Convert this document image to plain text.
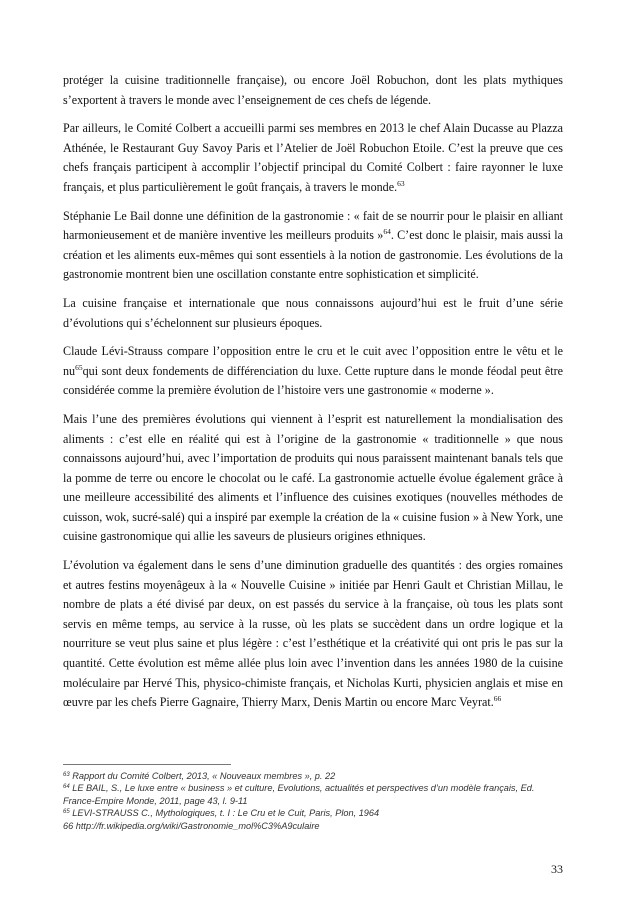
protéger la cuisine traditionnelle française), ou encore Joël Robuchon, dont les plats mythiques s’exportent à travers le monde avec l’enseignement de ces chefs de légende.

Par ailleurs, le Comité Colbert a accueilli parmi ses membres en 2013 le chef Alain Ducasse au Plazza Athénée, le Restaurant Guy Savoy Paris et l’Atelier de Joël Robuchon Etoile. C’est la preuve que ces chefs français participent à accomplir l’objectif principal du Comité Colbert : faire rayonner le luxe français, et plus particulièrement le goût français, à travers le monde.$^{63}$

Stéphanie Le Bail donne une définition de la gastronomie : « fait de se nourrir pour le plaisir en alliant harmonieusement et de manière inventive les meilleurs produits »$^{64}$. C’est donc le plaisir, mais aussi la création et les aliments eux-mêmes qui sont essentiels à la notion de gastronomie. Les évolutions de la gastronomie montrent bien une oscillation constante entre sophistication et simplicité.

La cuisine française et internationale que nous connaissons aujourd’hui est le fruit d’une série d’évolutions qui s’échelonnent sur plusieurs époques.

Claude Lévi-Strauss compare l’opposition entre le cru et le cuit avec l’opposition entre le vêtu et le nu$^{65}$qui sont deux fondements de différenciation du luxe. Cette rupture dans le monde féodal peut être considérée comme la première évolution de l’histoire vers une gastronomie « moderne ».

Mais l’une des premières évolutions qui viennent à l’esprit est naturellement la mondialisation des aliments : c’est elle en réalité qui est à l’origine de la gastronomie « traditionnelle » que nous connaissons aujourd’hui, avec l’importation de produits qui nous paraissent maintenant banals tels que la pomme de terre ou encore le chocolat ou le café. La gastronomie actuelle évolue également grâce à une meilleure accessibilité des aliments et l’influence des cuisines exotiques (nouvelles méthodes de cuisson, wok, sucré-salé) qui a inspiré par exemple la création de la « cuisine fusion » à New York, une cuisine gastronomique qui allie les saveurs de plusieurs origines ethniques.

L’évolution va également dans le sens d’une diminution graduelle des quantités : des orgies romaines et autres festins moyenâgeux à la « Nouvelle Cuisine » initiée par Henri Gault et Christian Millau, le nombre de plats a été divisé par deux, on est passés du service à la française, où tous les plats sont servis en même temps, au service à la russe, où les plats se succèdent dans un ordre logique et la nourriture se veut plus saine et plus légère : c’est l’esthétique et la créativité qui ont pris le pas sur la quantité. Cette évolution est même allée plus loin avec l’invention dans les années 1980 de la cuisine moléculaire par Hervé This, physico-chimiste français, et Nicholas Kurti, physicien anglais et mise en œuvre par les chefs Pierre Gagnaire, Thierry Marx, Denis Martin ou encore Marc Veyrat.$^{66}$

$^{63}$ Rapport du Comité Colbert, 2013, « Nouveaux membres », p. 22

$^{64}$ LE BAIL, S., Le luxe entre « business » et culture, Evolutions, actualités et perspectives d’un modèle français, Ed. France-Empire Monde, 2011, page 43, l. 9-11

$^{65}$ LEVI-STRAUSS C., Mythologiques, t. I : Le Cru et le Cuit, Paris, Plon, 1964

66 http://fr.wikipedia.org/wiki/Gastronomie_mol%C3%A9culaire

33
